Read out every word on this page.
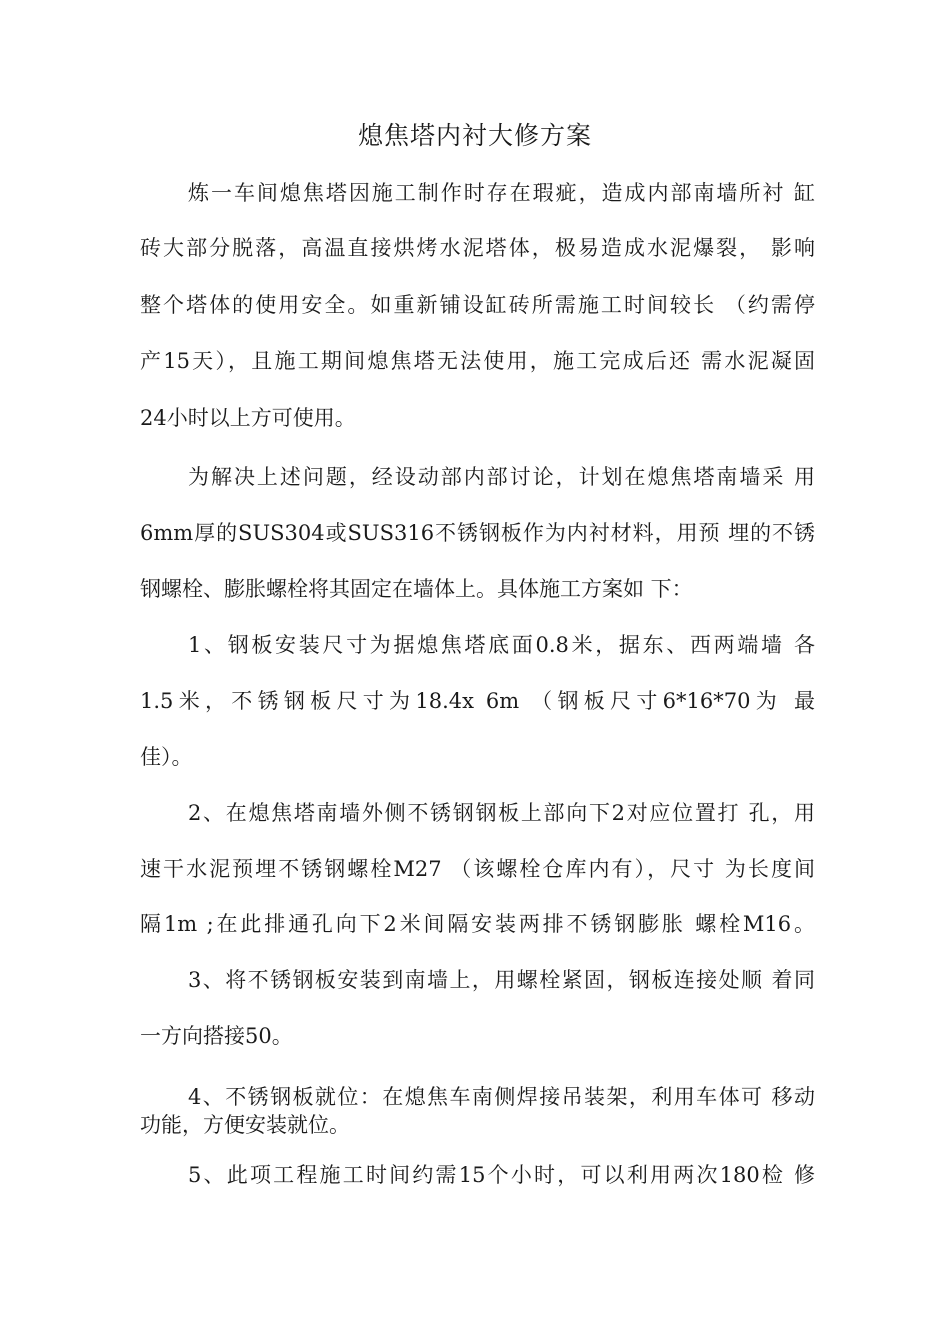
熄焦塔内衬大修方案
炼一车间熄焦塔因施工制作时存在瑕疵，造成内部南墙所衬 缸
砖大部分脱落，高温直接烘烤水泥塔体，极易造成水泥爆裂， 影响
整个塔体的使用安全。如重新铺设缸砖所需施工时间较长 （约需停
产15天），且施工期间熄焦塔无法使用，施工完成后还 需水泥凝固
24小时以上方可使用。
为解决上述问题，经设动部内部讨论，计划在熄焦塔南墙采 用
6mm厚的SUS304或SUS316不锈钢板作为内衬材料，用预 埋的不锈
钢螺栓、膨胀螺栓将其固定在墙体上。具体施工方案如 下：
1、钢板安装尺寸为据熄焦塔底面0.8米，据东、西两端墙 各
1.5米，不锈钢板尺寸为18.4x 6m （钢板尺寸6*16*70为 最
佳）。
2、在熄焦塔南墙外侧不锈钢钢板上部向下2对应位置打 孔，用
速干水泥预埋不锈钢螺栓M27 （该螺栓仓库内有），尺寸 为长度间
隔1m ;在此排通孔向下2米间隔安装两排不锈钢膨胀 螺栓M16。
3、将不锈钢板安装到南墙上，用螺栓紧固，钢板连接处顺 着同
一方向搭接50。
4、不锈钢板就位：在熄焦车南侧焊接吊装架，利用车体可 移动
功能，方便安装就位。
5、此项工程施工时间约需15个小时，可以利用两次180检 修
